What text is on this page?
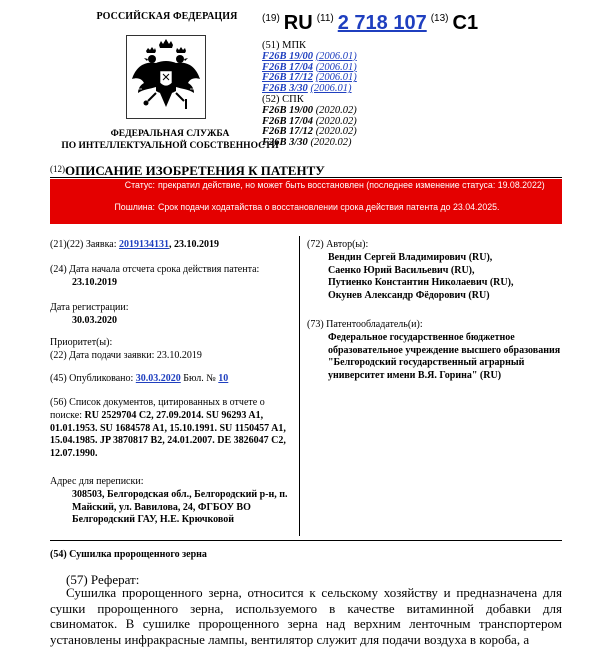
РОССИЙСКАЯ ФЕДЕРАЦИЯ
ФЕДЕРАЛЬНАЯ СЛУЖБА
ПО ИНТЕЛЛЕКТУАЛЬНОЙ СОБСТВЕННОСТИ
$^{(19)}$ RU $^{(11)}$ 2 718 107 $^{(13)}$ C1
(51) МПК
F26B 19/00 (2006.01)
F26B 17/04 (2006.01)
F26B 17/12 (2006.01)
F26B 3/30 (2006.01)
(52) СПК
F26B 19/00 (2020.02)
F26B 17/04 (2020.02)
F26B 17/12 (2020.02)
F26B 3/30 (2020.02)
$^{(12)}$ОПИСАНИЕ ИЗОБРЕТЕНИЯ К ПАТЕНТУ
Статус: прекратил действие, но может быть восстановлен (последнее изменение статуса: 19.08.2022)
Пошлина: Срок подачи ходатайства о восстановлении срока действия патента до 23.04.2025.
(21)(22) Заявка: 2019134131, 23.10.2019
(24) Дата начала отсчета срока действия патента:
23.10.2019
Дата регистрации:
30.03.2020
Приоритет(ы):
(22) Дата подачи заявки: 23.10.2019
(45) Опубликовано: 30.03.2020 Бюл. № 10
(56) Список документов, цитированных в отчете о поиске: RU 2529704 C2, 27.09.2014. SU 96293 A1, 01.01.1953. SU 1684578 A1, 15.10.1991. SU 1150457 A1, 15.04.1985. JP 3870817 B2, 24.01.2007. DE 3826047 C2, 12.07.1990.
Адрес для переписки:
308503, Белгородская обл., Белгородский р-н, п. Майский, ул. Вавилова, 24, ФГБОУ ВО Белгородский ГАУ, Н.Е. Крючковой
(72) Автор(ы):
Вендин Сергей Владимирович (RU),
Саенко Юрий Васильевич (RU),
Путиенко Константин Николаевич (RU),
Окунев Александр Фёдорович (RU)
(73) Патентообладатель(и):
Федеральное государственное бюджетное образовательное учреждение высшего образования "Белгородский государственный аграрный университет имени В.Я. Горина" (RU)
(54) Сушилка пророщенного зерна
(57) Реферат:
Сушилка пророщенного зерна, относится к сельскому хозяйству и предназначена для сушки пророщенного зерна, используемого в качестве витаминной добавки для свиноматок. В сушилке пророщенного зерна над верхним ленточным транспортером установлены инфракрасные лампы, вентилятор служит для подачи воздуха в короба, а
